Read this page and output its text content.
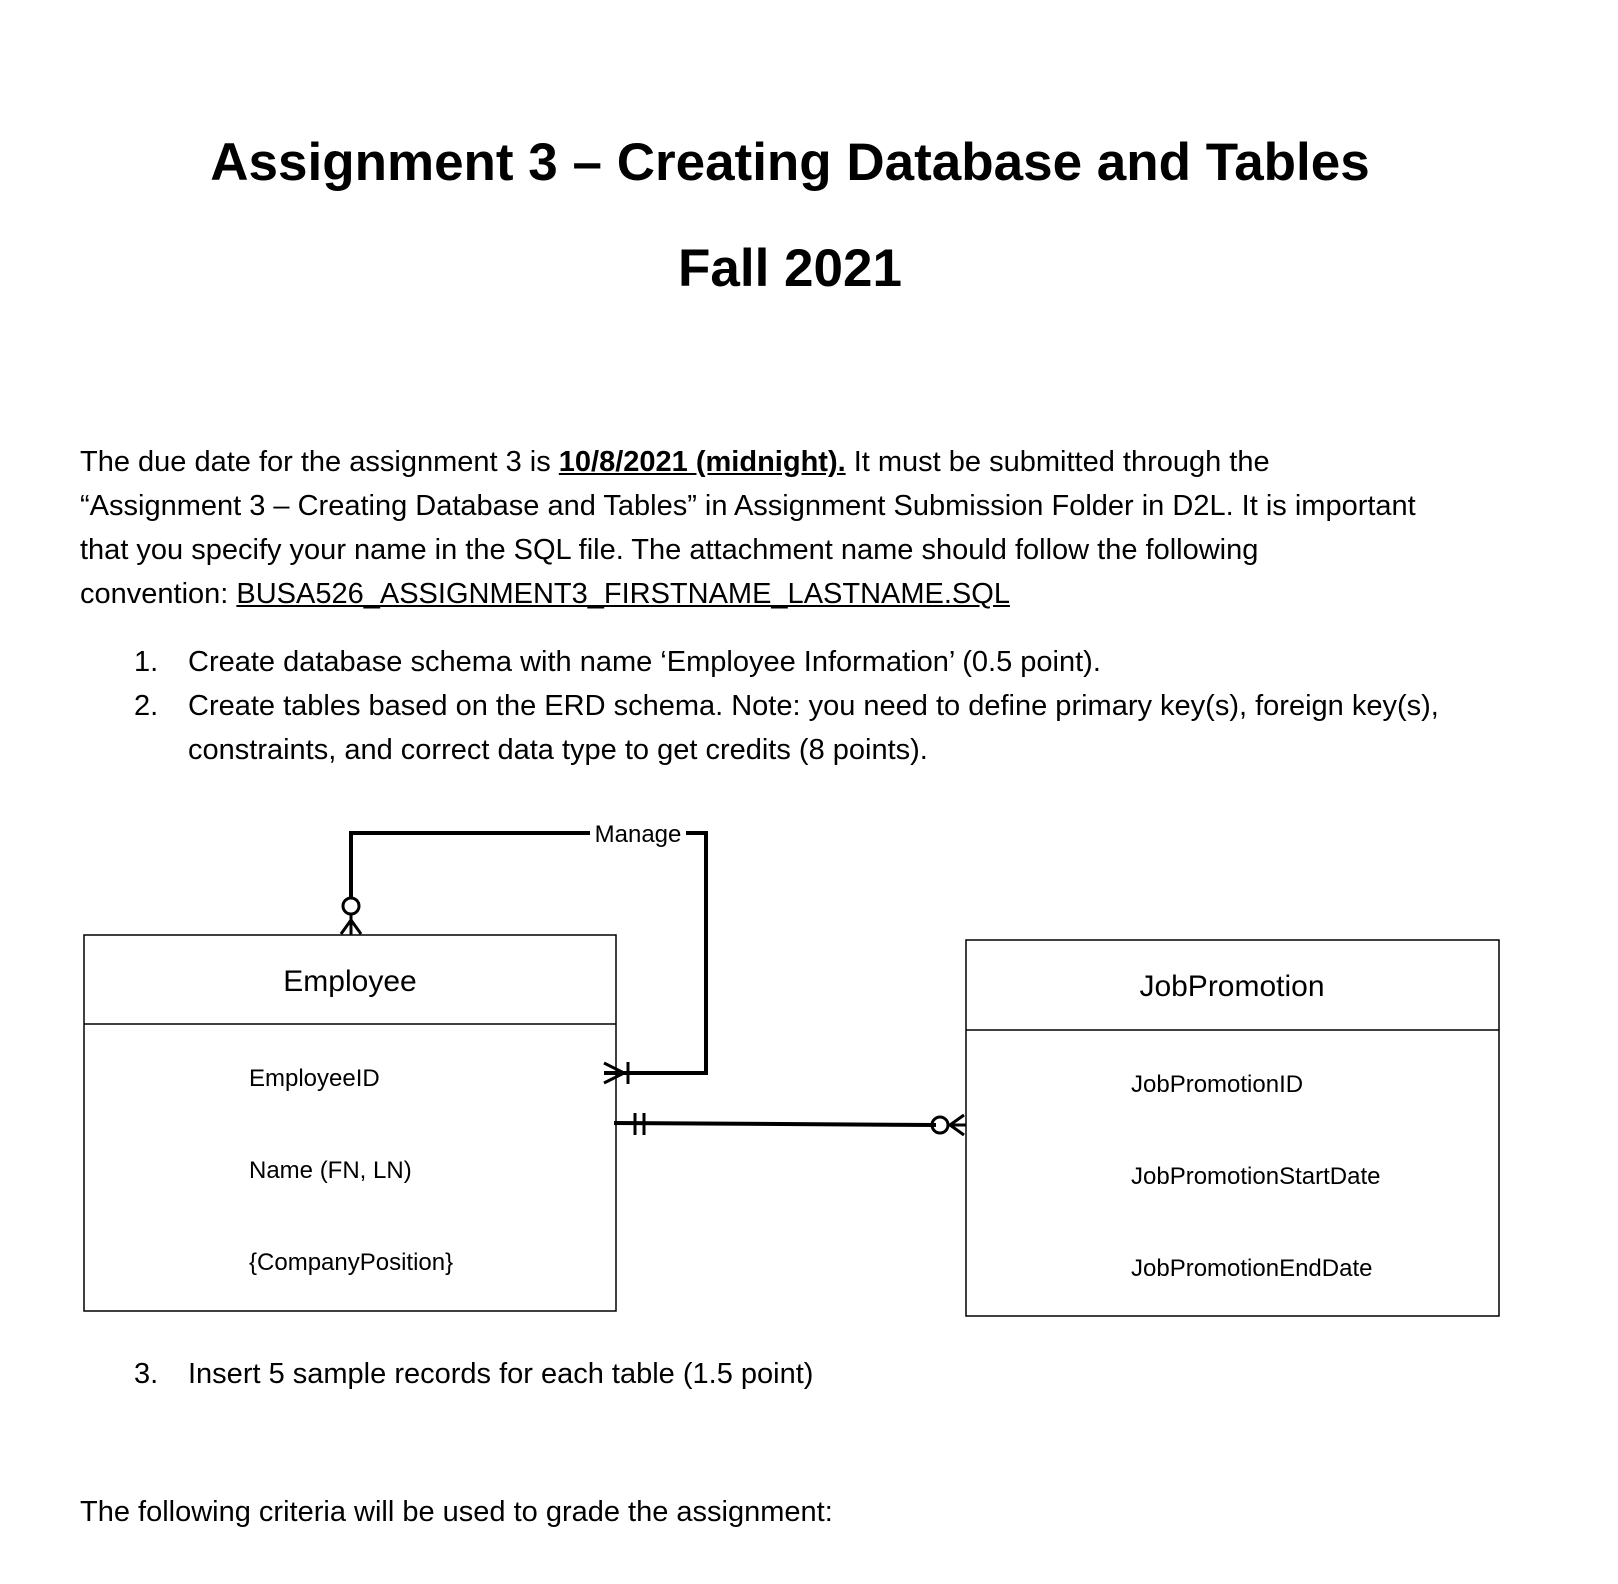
Assignment 3 – Creating Database and Tables
Fall 2021
The due date for the assignment 3 is 10/8/2021 (midnight). It must be submitted through the
“Assignment 3 – Creating Database and Tables” in Assignment Submission Folder in D2L. It is important
that you specify your name in the SQL file. The attachment name should follow the following
convention: BUSA526_ASSIGNMENT3_FIRSTNAME_LASTNAME.SQL
1. Create database schema with name ‘Employee Information’ (0.5 point).
2. Create tables based on the ERD schema. Note: you need to define primary key(s), foreign key(s),
constraints, and correct data type to get credits (8 points).
Manage
Employee
EmployeeID
Name (FN, LN)
{CompanyPosition}
JobPromotion
JobPromotionID
JobPromotionStartDate
JobPromotionEndDate
3. Insert 5 sample records for each table (1.5 point)
The following criteria will be used to grade the assignment:
